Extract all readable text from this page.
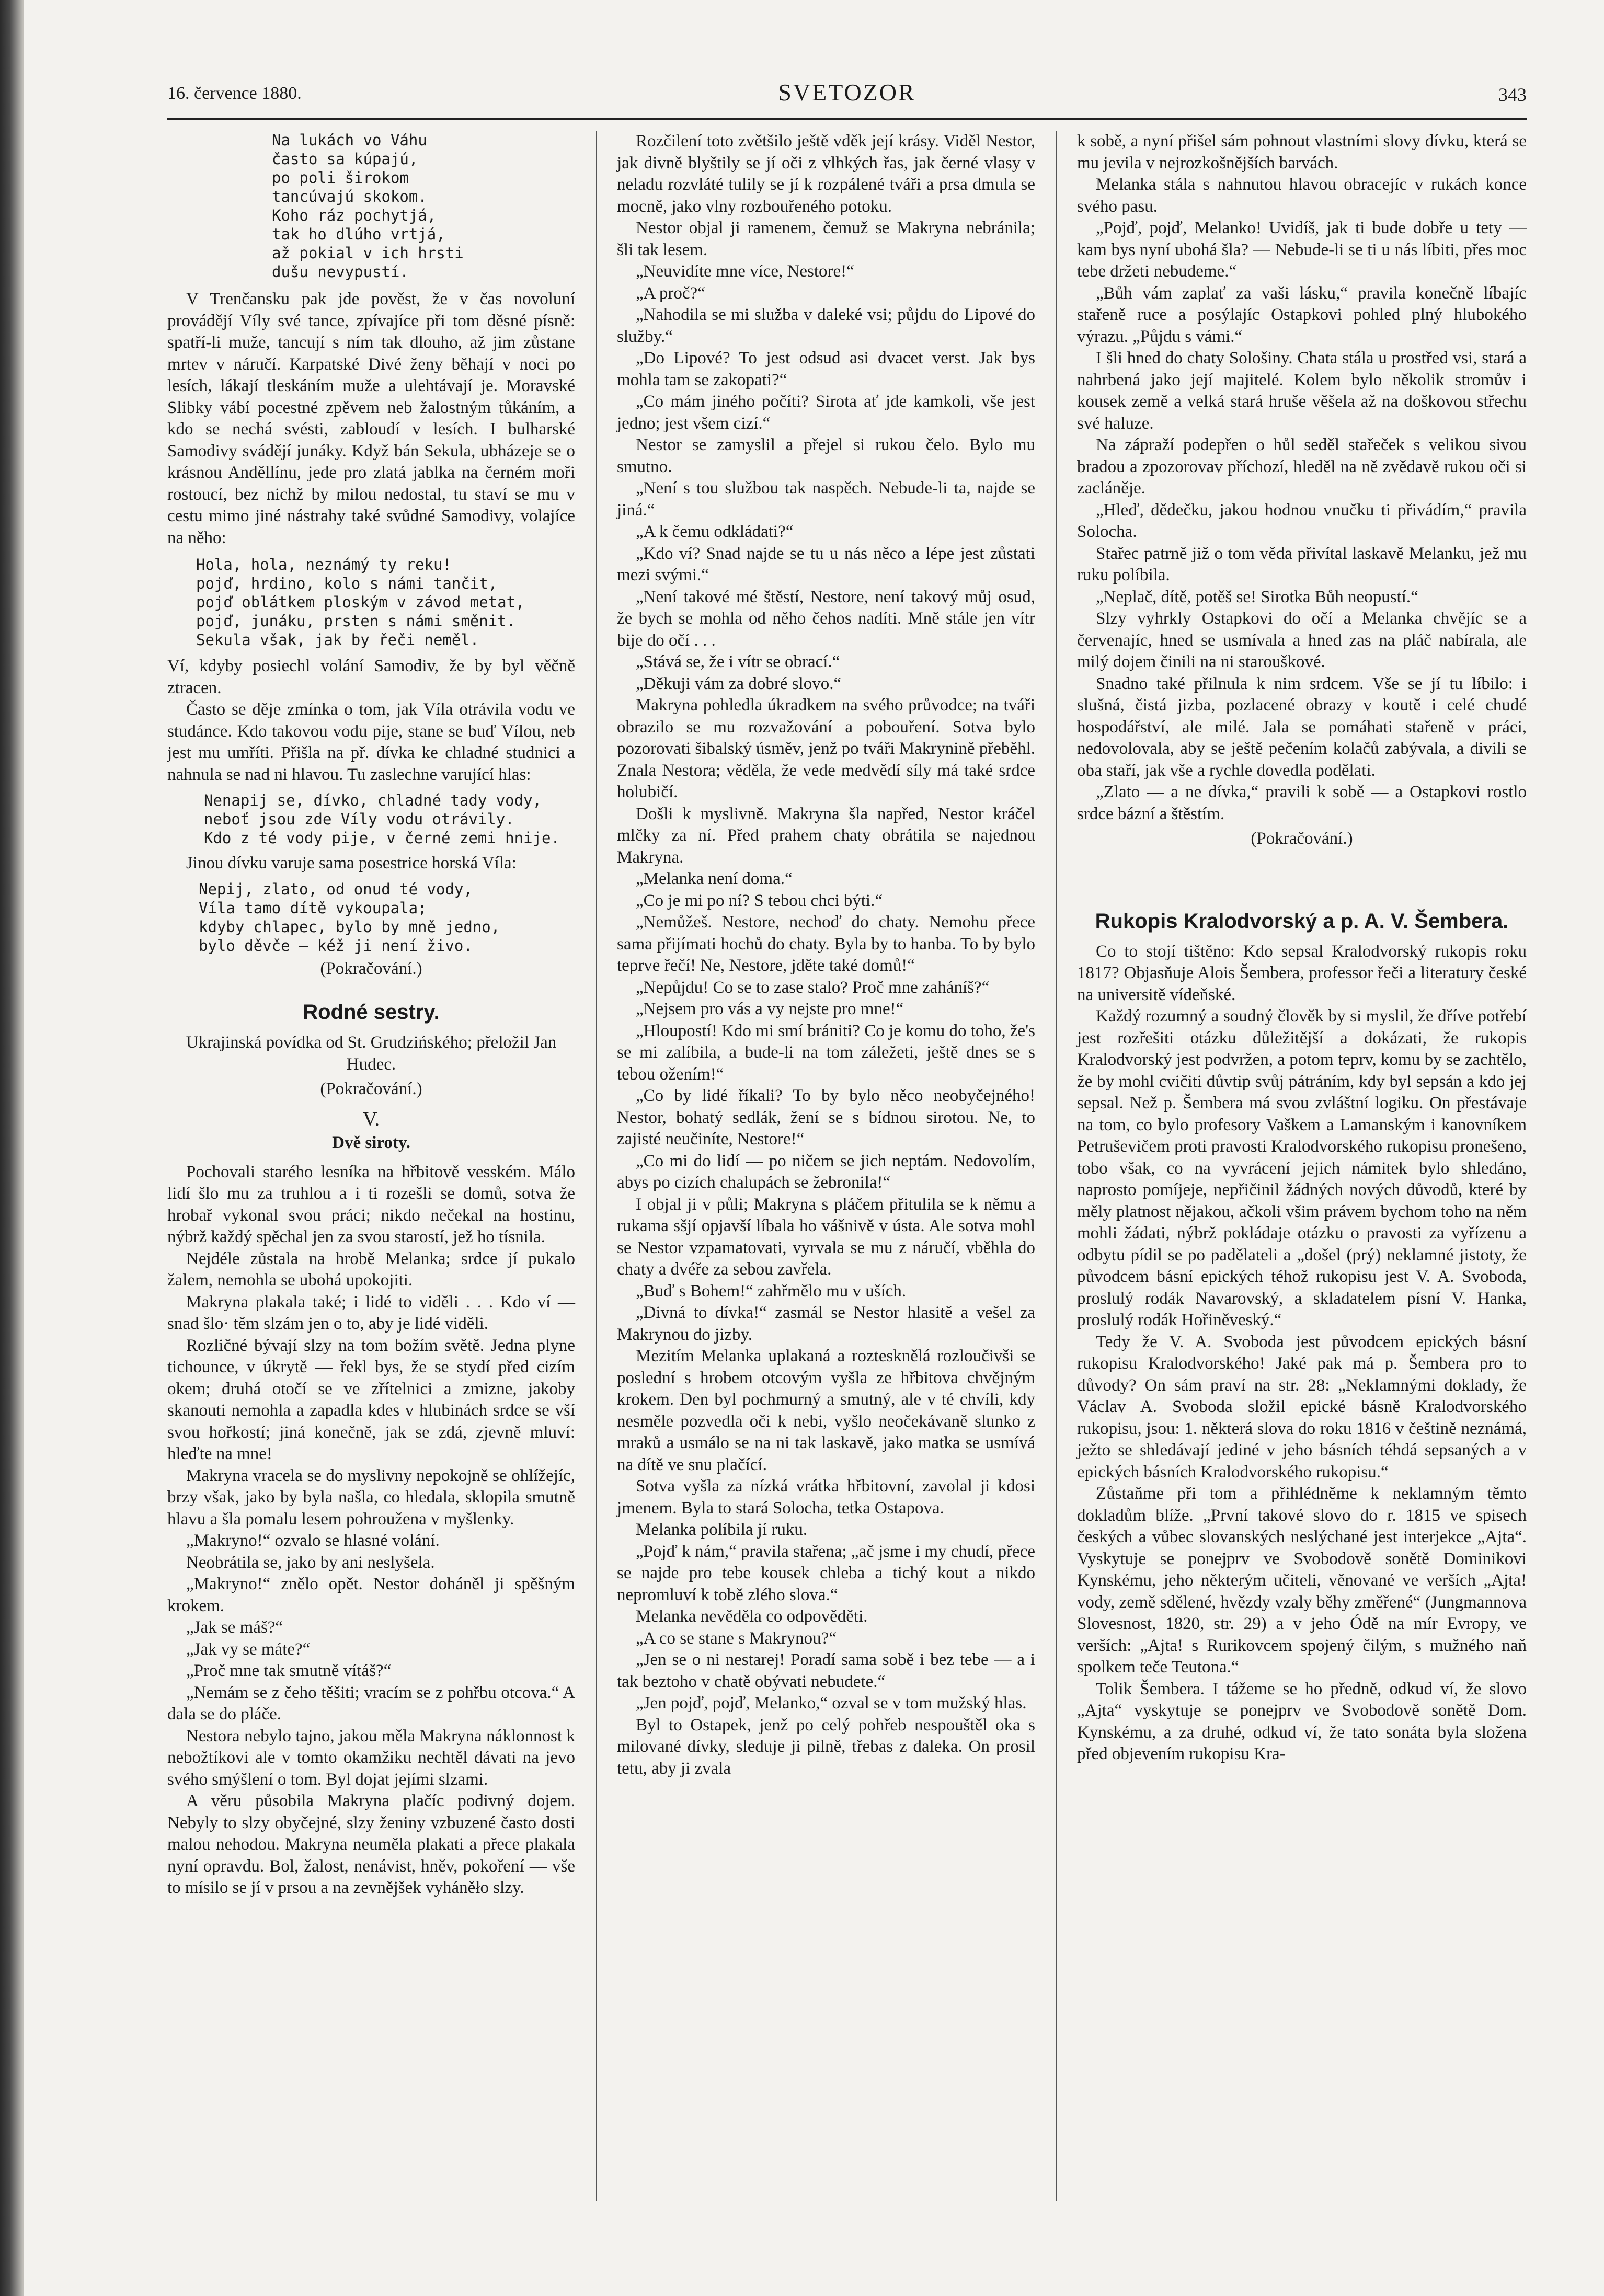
16. července 1880.	SVETOZOR	343
Na lukách vo Váhu
často sa kúpajú,
po poli širokom
tancúvajú skokom.
Koho ráz pochytjá,
tak ho dlúho vrtjá,
až pokial v ich hrsti
dušu nevypustí.

V Trenčansku pak jde pověst, že v čas novoluní provádějí Víly své tance, zpívajíce při tom děsné písně: spatří-li muže, tancují s ním tak dlouho, až jim zůstane mrtev v náručí. Karpatské Divé ženy běhají v noci po lesích, lákají tleskáním muže a ulehtávají je. Moravské Slibky vábí pocestné zpěvem neb žalostným tůkáním, a kdo se nechá svésti, zabloudí v lesích. I bulharské Samodivy svádějí junáky. Když bán Sekula, ubházeje se o krásnou Anděllínu, jede pro zlatá jablka na černém moři rostoucí, bez nichž by milou nedostal, tu staví se mu v cestu mimo jiné nástrahy také svůdné Samodivy, volajíce na něho:

Hola, hola, neznámý ty reku!
pojď, hrdino, kolo s námi tančit,
pojď oblátkem ploským v závod metat,
pojď, junáku, prsten s námi směnit.
Sekula však, jak by řeči neměl.

Ví, kdyby posiechl volání Samodiv, že by byl věčně ztracen.

Často se děje zmínka o tom, jak Víla otrávila vodu ve studánce. Kdo takovou vodu pije, stane se buď Vílou, neb jest mu umříti. Přišla na př. dívka ke chladné studnici a nahnula se nad ni hlavou. Tu zaslechne varující hlas:

Nenapij se, dívko, chladné tady vody,
neboť jsou zde Víly vodu otrávily.
Kdo z té vody pije, v černé zemi hnije.

Jinou dívku varuje sama posestrice horská Víla:

Nepij, zlato, od onud té vody,
Víla tamo dítě vykoupala;
kdyby chlapec, bylo by mně jedno,
bylo děvče — kéž ji není živo.

(Pokračování.)

Rodné sestry.

Ukrajinská povídka od St. Grudzińského; přeložil Jan Hudec.

(Pokračování.)

V.
Dvě siroty.

Pochovali starého lesníka na hřbitově vesském. Málo lidí šlo mu za truhlou a i ti rozešli se domů, sotva že hrobař vykonal svou práci; nikdo nečekal na hostinu, nýbrž každý spěchal jen za svou starostí, jež ho tísnila.

Nejdéle zůstala na hrobě Melanka; srdce jí pukalo žalem, nemohla se ubohá upokojiti.

Makryna plakala také; i lidé to viděli . . . Kdo ví — snad šlo· těm slzám jen o to, aby je lidé viděli.

Rozličné bývají slzy na tom božím světě. Jedna plyne tichounce, v úkrytě — řekl bys, že se stydí před cizím okem; druhá otočí se ve zřítelnici a zmizne, jakoby skanouti nemohla a zapadla kdes v hlubinách srdce se vší svou hořkostí; jiná konečně, jak se zdá, zjevně mluví: hleďte na mne!

Makryna vracela se do myslivny nepokojně se ohlížejíc, brzy však, jako by byla našla, co hledala, sklopila smutně hlavu a šla pomalu lesem pohroužena v myšlenky.

„Makryno!“ ozvalo se hlasné volání.

Neobrátila se, jako by ani neslyšela.

„Makryno!“ znělo opět. Nestor doháněl ji spěšným krokem.

„Jak se máš?“

„Jak vy se máte?“

„Proč mne tak smutně vítáš?“

„Nemám se z čeho těšiti; vracím se z pohřbu otcova.“ A dala se do pláče.

Nestora nebylo tajno, jakou měla Makryna náklonnost k nebožtíkovi ale v tomto okamžiku nechtěl dávati na jevo svého smýšlení o tom. Byl dojat jejími slzami.

A věru působila Makryna plačíc podivný dojem. Nebyly to slzy obyčejné, slzy ženiny vzbuzené často dosti malou nehodou. Makryna neuměla plakati a přece plakala nyní opravdu. Bol, žalost, nenávist, hněv, pokoření — vše to mísilo se jí v prsou a na zevnějšek vyháněło slzy.

Rozčilení toto zvětšilo ještě vděk její krásy. Viděl Nestor, jak divně blyštily se jí oči z vlhkých řas, jak černé vlasy v neladu rozvláté tulily se jí k rozpálené tváři a prsa dmula se mocně, jako vlny rozbouřeného potoku.

Nestor objal ji ramenem, čemuž se Makryna nebránila; šli tak lesem.

„Neuvidíte mne více, Nestore!“

„A proč?“

„Nahodila se mi služba v daleké vsi; půjdu do Lipové do služby.“

„Do Lipové? To jest odsud asi dvacet verst. Jak bys mohla tam se zakopati?“

„Co mám jiného počíti? Sirota ať jde kamkoli, vše jest jedno; jest všem cizí.“

Nestor se zamyslil a přejel si rukou čelo. Bylo mu smutno.

„Není s tou službou tak naspěch. Nebude-li ta, najde se jiná.“

„A k čemu odkládati?“

„Kdo ví? Snad najde se tu u nás něco a lépe jest zůstati mezi svými.“

„Není takové mé štěstí, Nestore, není takový můj osud, že bych se mohla od něho čehos nadíti. Mně stále jen vítr bije do očí . . .

„Stává se, že i vítr se obrací.“

„Děkuji vám za dobré slovo.“

Makryna pohledla úkradkem na svého průvodce; na tváři obrazilo se mu rozvažování a pobouření. Sotva bylo pozorovati šibalský úsměv, jenž po tváři Makrynině přeběhl. Znala Nestora; věděla, že vede medvědí síly má také srdce holubičí.

Došli k myslivně. Makryna šla napřed, Nestor kráčel mlčky za ní. Před prahem chaty obrátila se najednou Makryna.

„Melanka není doma.“

„Co je mi po ní? S tebou chci býti.“

„Nemůžeš. Nestore, nechoď do chaty. Nemohu přece sama přijímati hochů do chaty. Byla by to hanba. To by bylo teprve řečí! Ne, Nestore, jděte také domů!“

„Nepůjdu! Co se to zase stalo? Proč mne zaháníš?“

„Nejsem pro vás a vy nejste pro mne!“

„Hloupostí! Kdo mi smí brániti? Co je komu do toho, že's se mi zalíbila, a bude-li na tom záležeti, ještě dnes se s tebou ožením!“

„Co by lidé říkali? To by bylo něco neobyčejného! Nestor, bohatý sedlák, žení se s bídnou sirotou. Ne, to zajisté neučiníte, Nestore!“

„Co mi do lidí — po ničem se jich neptám. Nedovolím, abys po cizích chalupách se žebronila!“

I objal ji v půli; Makryna s pláčem přitulila se k němu a rukama sšjí opjavší líbala ho vášnivě v ústa. Ale sotva mohl se Nestor vzpamatovati, vyrvala se mu z náručí, vběhla do chaty a dvéře za sebou zavřela.

„Buď s Bohem!“ zahřmělo mu v uších.

„Divná to dívka!“ zasmál se Nestor hlasitě a vešel za Makrynou do jizby.

Mezitím Melanka uplakaná a roztesknělá rozloučivši se poslední s hrobem otcovým vyšla ze hřbitova chvějným krokem. Den byl pochmurný a smutný, ale v té chvíli, kdy nesměle pozvedla oči k nebi, vyšlo neočekávaně slunko z mraků a usmálo se na ni tak laskavě, jako matka se usmívá na dítě ve snu plačící.

Sotva vyšla za nízká vrátka hřbitovní, zavolal ji kdosi jmenem. Byla to stará Solocha, tetka Ostapova.

Melanka políbila jí ruku.

„Pojď k nám,“ pravila stařena; „ač jsme i my chudí, přece se najde pro tebe kousek chleba a tichý kout a nikdo nepromluví k tobě zlého slova.“

Melanka nevěděla co odpověděti.

„A co se stane s Makrynou?“

„Jen se o ni nestarej! Poradí sama sobě i bez tebe — a i tak beztoho v chatě obývati nebudete.“

„Jen pojď, pojď, Melanko,“ ozval se v tom mužský hlas.

Byl to Ostapek, jenž po celý pohřeb nespouštěl oka s milované dívky, sleduje ji pilně, třebas z daleka. On prosil tetu, aby ji zvala

k sobě, a nyní přišel sám pohnout vlastními slovy dívku, která se mu jevila v nejrozkošnějších barvách.

Melanka stála s nahnutou hlavou obracejíc v rukách konce svého pasu.

„Pojď, pojď, Melanko! Uvidíš, jak ti bude dobře u tety — kam bys nyní ubohá šla? — Nebude-li se ti u nás líbiti, přes moc tebe držeti nebudeme.“

„Bůh vám zaplať za vaši lásku,“ pravila konečně líbajíc stařeně ruce a posýlajíc Ostapkovi pohled plný hlubokého výrazu. „Půjdu s vámi.“

I šli hned do chaty Sološiny. Chata stála u prostřed vsi, stará a nahrbená jako její majitelé. Kolem bylo několik stromův i kousek země a velká stará hruše věšela až na doškovou střechu své haluze.

Na zápraží podepřen o hůl seděl stařeček s velikou sivou bradou a zpozorovav příchozí, hleděl na ně zvědavě rukou oči si zacláněje.

„Hleď, dědečku, jakou hodnou vnučku ti přivádím,“ pravila Solocha.

Stařec patrně již o tom věda přivítal laskavě Melanku, jež mu ruku políbila.

„Neplač, dítě, potěš se! Sirotka Bůh neopustí.“

Slzy vyhrkly Ostapkovi do očí a Melanka chvějíc se a červenajíc, hned se usmívala a hned zas na pláč nabírala, ale milý dojem činili na ni starouškové.

Snadno také přilnula k nim srdcem. Vše se jí tu líbilo: i slušná, čistá jizba, pozlacené obrazy v koutě i celé chudé hospodářství, ale milé. Jala se pomáhati stařeně v práci, nedovolovala, aby se ještě pečením kolačů zabývala, a divili se oba staří, jak vše a rychle dovedla podělati.

„Zlato — a ne dívka,“ pravili k sobě — a Ostapkovi rostlo srdce bázní a štěstím.

(Pokračování.)

Rukopis Kralodvorský a p. A. V. Šembera.

Co to stojí tištěno: Kdo sepsal Kralodvorský rukopis roku 1817? Objasňuje Alois Šembera, professor řeči a literatury české na universitě vídeňské.

Každý rozumný a soudný člověk by si myslil, že dříve potřebí jest rozřešiti otázku důležitější a dokázati, že rukopis Kralodvorský jest podvržen, a potom teprv, komu by se zachtělo, že by mohl cvičiti důvtip svůj pátráním, kdy byl sepsán a kdo jej sepsal. Než p. Šembera má svou zvláštní logiku. On přestávaje na tom, co bylo profesory Vaškem a Lamanským i kanovníkem Petruševičem proti pravosti Kralodvorského rukopisu pronešeno, tobo však, co na vyvrácení jejich námitek bylo shledáno, naprosto pomíjeje, nepřičinil žádných nových důvodů, které by měly platnost nějakou, ačkoli všim právem bychom toho na něm mohli žádati, nýbrž pokládaje otázku o pravosti za vyřízenu a odbytu pídil se po padělateli a „došel (prý) neklamné jistoty, že původcem básní epických téhož rukopisu jest V. A. Svoboda, proslulý rodák Navarovský, a skladatelem písní V. Hanka, proslulý rodák Hořiněveský.“

Tedy že V. A. Svoboda jest původcem epických básní rukopisu Kralodvorského! Jaké pak má p. Šembera pro to důvody? On sám praví na str. 28: „Neklamnými doklady, že Václav A. Svoboda složil epické básně Kralodvorského rukopisu, jsou: 1. některá slova do roku 1816 v češtině neznámá, ježto se shledávají jediné v jeho básních téhdá sepsaných a v epických básních Kralodvorského rukopisu.“

Zůstaňme při tom a přihlédněme k neklamným těmto dokladům blíže. „První takové slovo do r. 1815 ve spisech českých a vůbec slovanských neslýchané jest interjekce „Ajta“. Vyskytuje se ponejprv ve Svobodově sonětě Dominikovi Kynskému, jeho některým učiteli, věnované ve verších „Ajta! vody, země sdělené, hvězdy vzaly běhy změřené“ (Jungmannova Slovesnost, 1820, str. 29) a v jeho Ódě na mír Evropy, ve verších: „Ajta! s Rurikovcem spojený čilým, s mužného naň spolkem teče Teutona.“

Tolik Šembera. I tážeme se ho předně, odkud ví, že slovo „Ajta“ vyskytuje se ponejprv ve Svobodově sonětě Dom. Kynskému, a za druhé, odkud ví, že tato sonáta byla složena před objevením rukopisu Kra-
